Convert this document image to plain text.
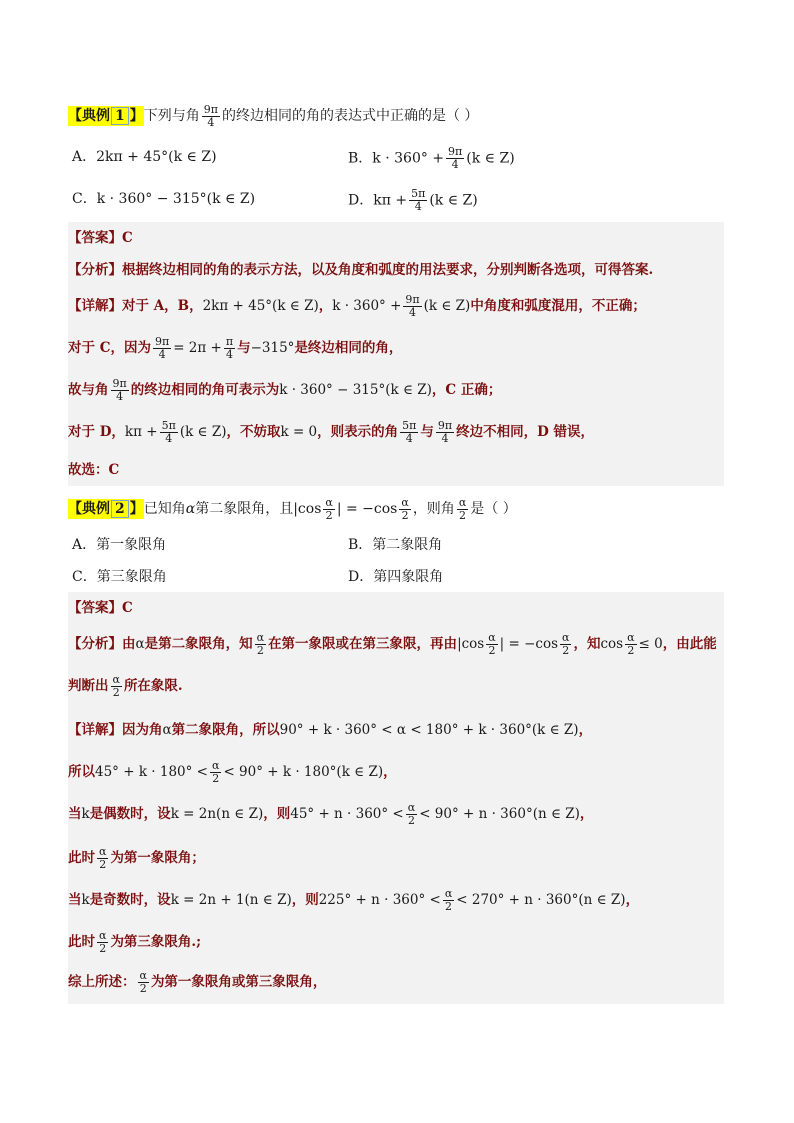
【典例 1 】下列与角 $\frac{9\pi}{4}$ 的终边相同的角的表达式中正确的是（ ）
A．2kπ + 45°(k ∈ Z)	B．$k \cdot 360^\circ + \frac{9\pi}{4} (k$ ∈ Z)
C．k · 360° − 315°(k ∈ Z)	D．$k\pi + \frac{5\pi}{4} (k$ ∈ Z)
【答案】C
【分析】根据终边相同的角的表示方法，以及角度和弧度的用法要求，分别判断各选项，可得答案.
【详解】对于 A，B，2kπ + 45°(k ∈ Z)，$k \cdot 360^\circ + \frac{9\pi}{4} (k$ ∈ Z)中角度和弧度混用，不正确；
对于 C，因为 $\frac{9\pi}{4} = 2\pi + \frac{\pi}{4}$ 与−315°是终边相同的角，
故与角 $\frac{9\pi}{4}$ 的终边相同的角可表示为k · 360° − 315°(k ∈ Z)，C 正确；
对于 D，$k\pi + \frac{5\pi}{4} (k$ ∈ Z)，不妨取k = 0，则表示的角 $\frac{5\pi}{4}$ 与 $\frac{9\pi}{4}$ 终边不相同，D 错误，
故选：C
【典例 2 】已知角α第二象限角，且$|\cos \frac{\alpha}{2}$ | = $-\cos \frac{\alpha}{2}$ ，则角 $\frac{\alpha}{2}$ 是（ ）
A．第一象限角	B．第二象限角
C．第三象限角	D．第四象限角
【答案】C
【分析】由α是第二象限角，知 $\frac{\alpha}{2}$ 在第一象限或在第三象限，再由$|\cos \frac{\alpha}{2}$ | = $-\cos \frac{\alpha}{2}$ ，知$\cos \frac{\alpha}{2} \le 0$，由此能
判断出 $\frac{\alpha}{2}$ 所在象限.
【详解】因为角α第二象限角，所以90° + k · 360° < α < 180° + k · 360°(k ∈ Z)，
所以$45^\circ + k \cdot 180^\circ < \frac{\alpha}{2} < 90^\circ + k \cdot 180^\circ(k$ ∈ Z)，
当k是偶数时，设k = 2n(n ∈ Z)，则$45^\circ + n \cdot 360^\circ < \frac{\alpha}{2} < 90^\circ + n \cdot 360^\circ(n$ ∈ Z)，
此时 $\frac{\alpha}{2}$ 为第一象限角；
当k是奇数时，设k = 2n + 1(n ∈ Z)，则$225^\circ + n \cdot 360^\circ < \frac{\alpha}{2} < 270^\circ + n \cdot 360^\circ(n$ ∈ Z)，
此时 $\frac{\alpha}{2}$ 为第三象限角.;
综上所述： $\frac{\alpha}{2}$ 为第一象限角或第三象限角，
